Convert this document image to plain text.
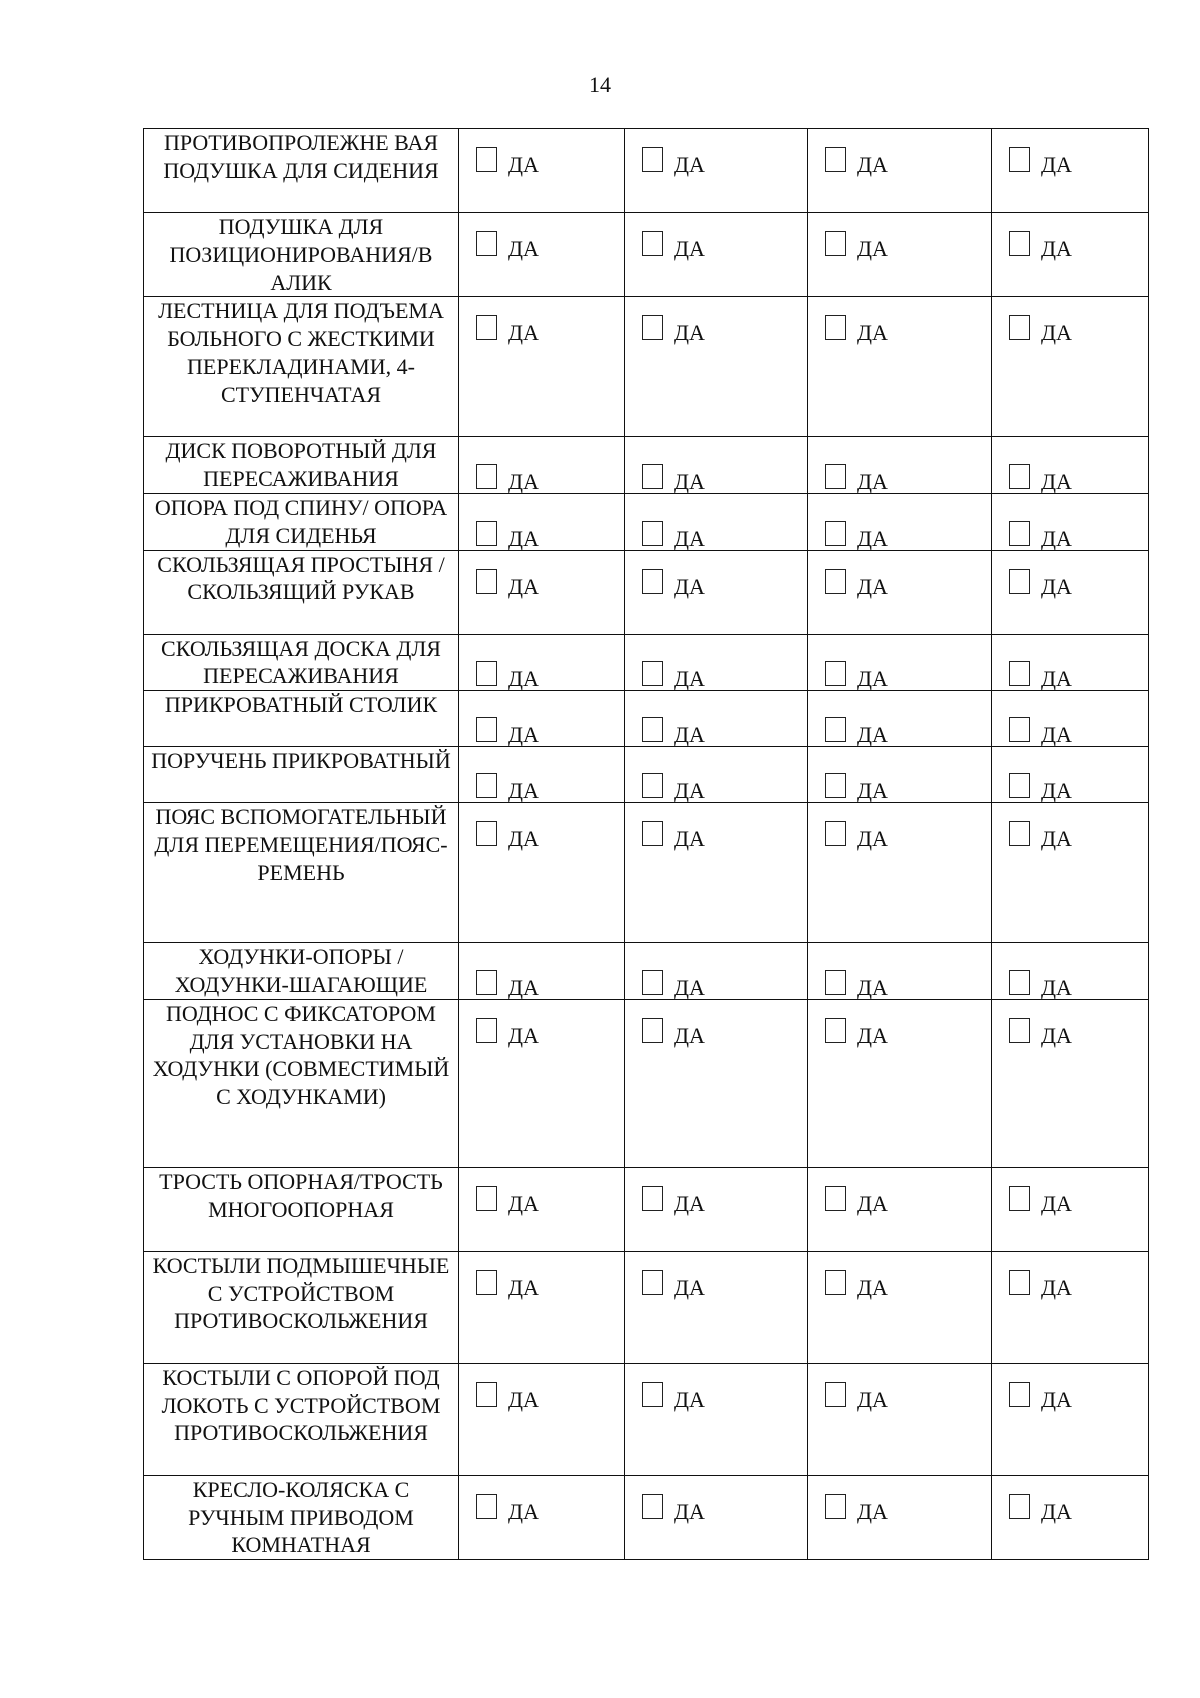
14
ПРОТИВОПРОЛЕЖНЕ ВАЯ ПОДУШКА ДЛЯ СИДЕНИЯ	ДА	ДА	ДА	ДА

ПОДУШКА ДЛЯ ПОЗИЦИОНИРОВАНИЯ/В АЛИК	ДА	ДА	ДА	ДА

ЛЕСТНИЦА ДЛЯ ПОДЪЕМА БОЛЬНОГО С ЖЕСТКИМИ ПЕРЕКЛАДИНАМИ, 4-СТУПЕНЧАТАЯ	ДА	ДА	ДА	ДА

ДИСК ПОВОРОТНЫЙ ДЛЯ ПЕРЕСАЖИВАНИЯ	ДА	ДА	ДА	ДА

ОПОРА ПОД СПИНУ/ ОПОРА ДЛЯ СИДЕНЬЯ	ДА	ДА	ДА	ДА

СКОЛЬЗЯЩАЯ ПРОСТЫНЯ /СКОЛЬЗЯЩИЙ РУКАВ	ДА	ДА	ДА	ДА

СКОЛЬЗЯЩАЯ ДОСКА ДЛЯ ПЕРЕСАЖИВАНИЯ	ДА	ДА	ДА	ДА

ПРИКРОВАТНЫЙ СТОЛИК	ДА	ДА	ДА	ДА

ПОРУЧЕНЬ ПРИКРОВАТНЫЙ	ДА	ДА	ДА	ДА

ПОЯС ВСПОМОГАТЕЛЬНЫЙ ДЛЯ ПЕРЕМЕЩЕНИЯ/ПОЯС-РЕМЕНЬ	ДА	ДА	ДА	ДА

ХОДУНКИ-ОПОРЫ /ХОДУНКИ-ШАГАЮЩИЕ	ДА	ДА	ДА	ДА

ПОДНОС С ФИКСАТОРОМ ДЛЯ УСТАНОВКИ НА ХОДУНКИ (СОВМЕСТИМЫЙ С ХОДУНКАМИ)	ДА	ДА	ДА	ДА

ТРОСТЬ ОПОРНАЯ/ТРОСТЬ МНОГООПОРНАЯ	ДА	ДА	ДА	ДА

КОСТЫЛИ ПОДМЫШЕЧНЫЕ С УСТРОЙСТВОМ ПРОТИВОСКОЛЬЖЕНИЯ	ДА	ДА	ДА	ДА

КОСТЫЛИ С ОПОРОЙ ПОД ЛОКОТЬ С УСТРОЙСТВОМ ПРОТИВОСКОЛЬЖЕНИЯ	ДА	ДА	ДА	ДА

КРЕСЛО-КОЛЯСКА С РУЧНЫМ ПРИВОДОМ КОМНАТНАЯ	ДА	ДА	ДА	ДА
